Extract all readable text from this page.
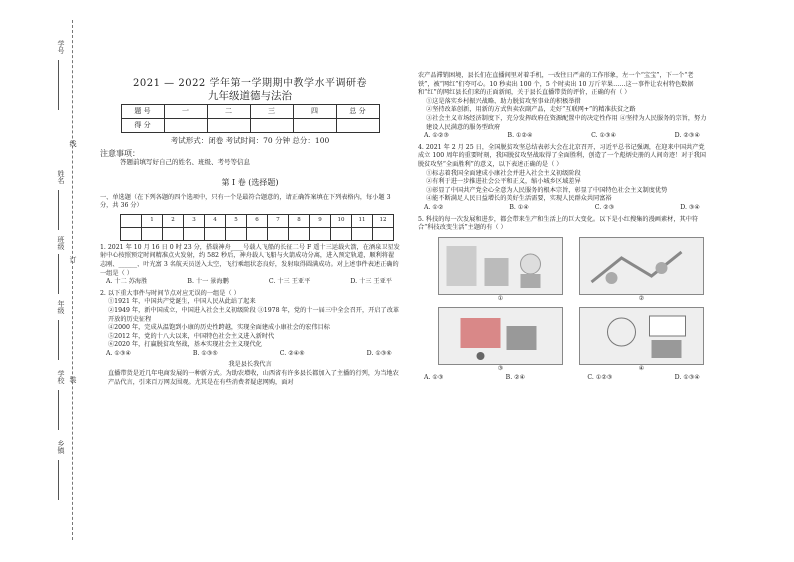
学号
姓名
班级
年级
学校
乡镇
线
订
装
2021 — 2022 学年第一学期期中教学水平调研卷
九年级道德与法治
题 号	一	二	三	四	总 分
得 分					
考试形式：闭卷 考试时间：70 分钟 总分：100
注意事项：
答题前填写好自己的姓名、班级、考号等信息
第 I 卷 (选择题)
一、单选题（在下列各题的四个选项中，只有一个是最符合题意的，请正确答案填在下列表格内，每小题 3 分，共 36 分）
	1	2	3	4	5	6	7	8	9	10	11	12

1. 2021 年 10 月 16 日 0 时 23 分，搭载神舟____号载人飞船的长征二号 F 遥十三运载火箭，在酒泉卫星发射中心按照预定时间精准点火发射，约 582 秒后，神舟载人飞船与火箭成功分离，进入预定轨道，顺利将翟志刚、______、叶光富 3 名航天员送入太空，飞行乘组状态良好，发射取得圆满成功。对上述事件表述正确的一组是（ ）
A. 十二 苏海胜	B. 十一 景海鹏	C. 十三 王亚平	D. 十三 王亚平
2. 以下重大事件与时间节点对应无误的一组是（ ）
①1921 年，中国共产党诞生，中国人民从此站了起来
②1949 年，新中国成立，中国进入社会主义初级阶段 ③1978 年，党的十一届三中全会召开，开启了改革开放的历史征程
④2000 年，完成从温饱到小康的历史性跨越，实现全面建成小康社会的宏伟目标
⑤2012 年，党的十八大以来，中国特色社会主义进入新时代
⑥2020 年，打赢脱贫攻坚战，基本实现社会主义现代化
A. ①③④	B. ①③⑤	C. ②④⑥	D. ①③⑥
我是县长我代言
直播带货是近几年电商发展的一种新方式。为助农增收，山西省有许多县长都加入了主播的行列，为当地农产品代言，引来百万网友围观。尤其是在有些消费者疑虑网购，面对
农产品滞销困境，县长们在直播间里对着手机，一改往日严肃的工作形象，左一个“宝宝”，下一个“老铁”，被“网红”们夸可心。10 秒卖出 100 个，5 个时卖出 10 万斤苹果……这一事件让农村特色数据和“红”的网红县长们来的正面新闻，关于县长直播带货的评价，正确的有（ ）
①这是落实乡村振兴战略、助力脱贫攻坚事业的积极举措
②坚持改革创新，用新的方式售卖农副产品，走好“互联网+”的精准扶贫之路
③社会主义市场经济制度下，充分发挥政府在资源配置中的决定性作用 ④坚持为人民服务的宗旨，努力建设人民满意的服务型政府
A. ①②③	B. ①②④	C. ①③④	D. ②③④
4. 2021 年 2 月 25 日，全国脱贫攻坚总结表彰大会在北京召开，习近平总书记强调，在迎来中国共产党成立 100 周年的重要时刻，我国脱贫攻坚战取得了全面胜利，创造了一个彪炳史册的人间奇迹！对于我国脱贫攻坚“全面胜利”的意义，以下表述正确的是（ ）
①标志着我国全面建成小康社会并进入社会主义初级阶段
②有利于进一步推进社会公平和正义，缩小城乡区域差异
③彰显了中国共产党全心全意为人民服务的根本宗旨，彰显了中国特色社会主义制度优势
④能不断满足人民日益增长的美好生活需要，实现人民群众共同富裕
A. ①②	B. ①④	C. ②③	D. ③④
5. 科技的每一次发展和进步，都会带来生产和生活上的巨大变化。以下是小红搜集的漫画素材，其中符合“科技改变生活”主题的有（ ）
①	②
③	④
A. ①③	B. ②④	C. ①②③	D. ①③④
